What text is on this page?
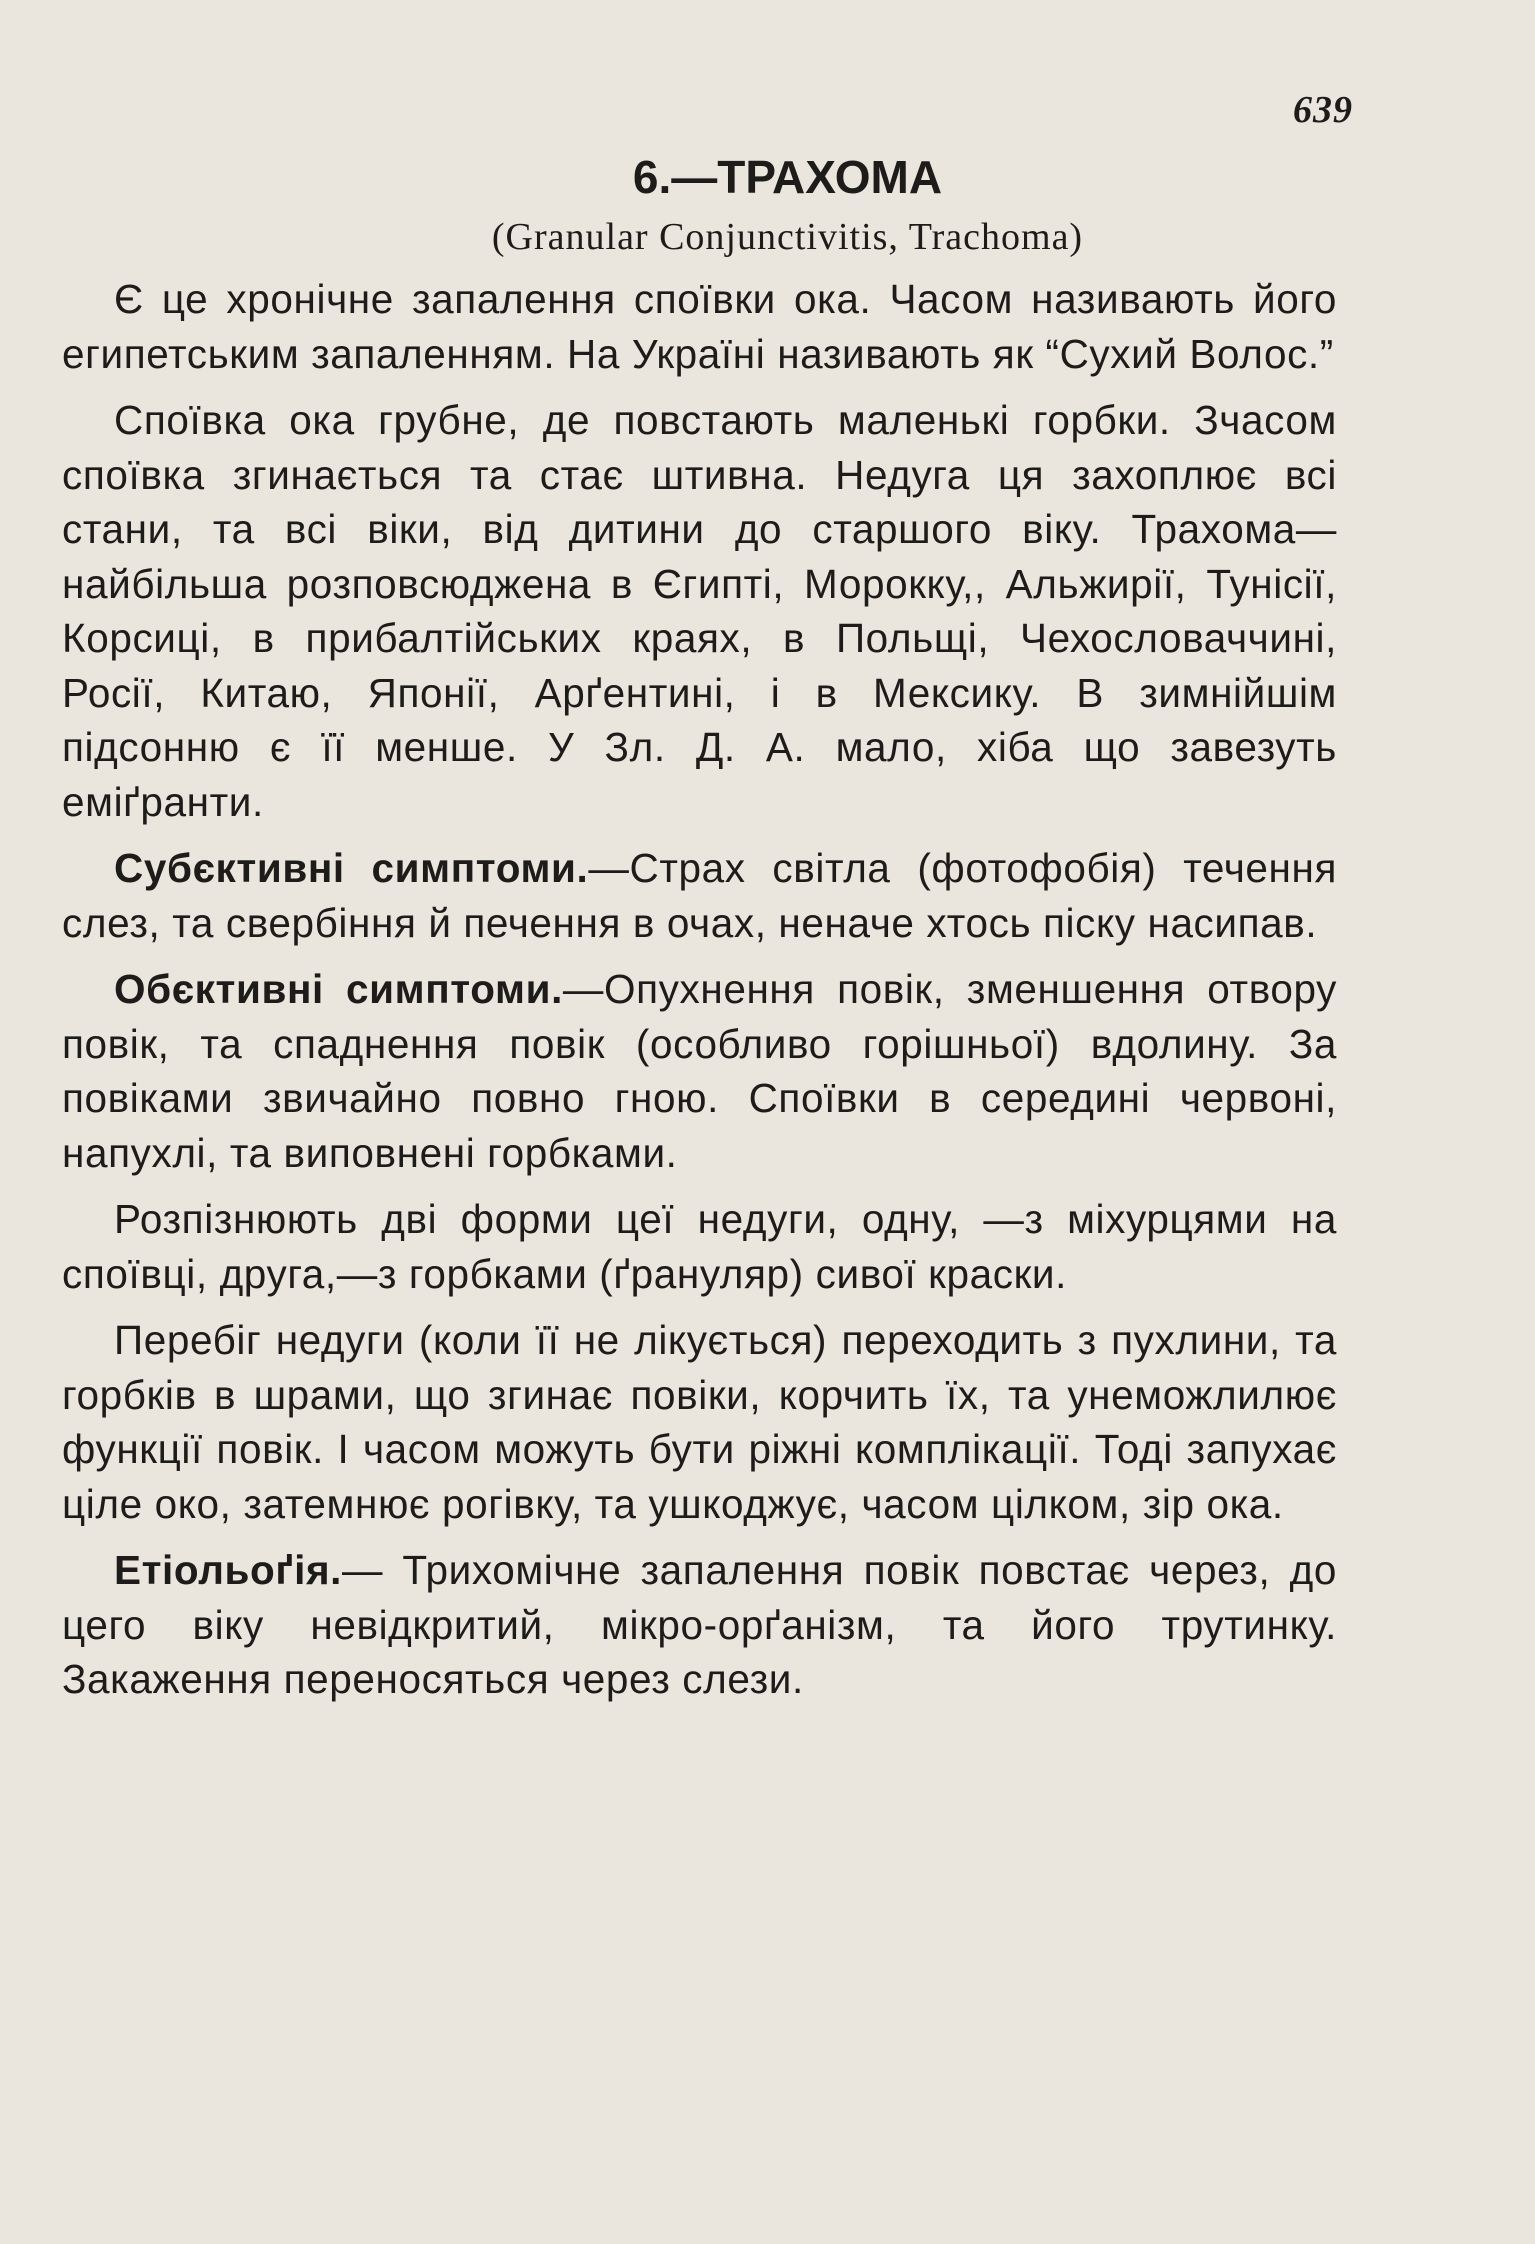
639
6.—ТРАХОМА
(Granular Conjunctivitis, Trachoma)

Є це хронічне запалення споївки ока. Часом називають його египетським запаленням. На Україні називають як “Сухий Волос.”

Споївка ока грубне, де повстають маленькі горбки. Зчасом споївка згинається та стає штивна. Недуга ця захоплює всі стани, та всі віки, від дитини до старшого віку. Трахома—найбільша розповсюджена в Єгипті, Морокку,, Альжирії, Тунісії, Корсиці, в прибалтійських краях, в Польщі, Чехословаччині, Росії, Китаю, Японії, Арґентині, і в Мексику. В зимнійшім підсонню є її менше. У Зл. Д. А. мало, хіба що завезуть еміґранти.

Субєктивні симптоми.—Страх світла (фотофобія) течення слез, та свербіння й печення в очах, неначе хтось піску насипав.

Обєктивні симптоми.—Опухнення повік, зменшення отвору повік, та спаднення повік (особливо горішньої) вдолину. За повіками звичайно повно гною. Споївки в середині червоні, напухлі, та виповнені горбками.

Розпізнюють дві форми цеї недуги, одну, —з міхурцями на споївці, друга,—з горбками (ґрануляр) сивої краски.

Перебіг недуги (коли її не лікується) переходить з пухлини, та горбків в шрами, що згинає повіки, корчить їх, та унеможлилює функції повік. І часом можуть бути ріжні комплікації. Тоді запухає ціле око, затемнює рогівку, та ушкоджує, часом цілком, зір ока.

Етіольоґія.— Трихомічне запалення повік повстає через, до цего віку невідкритий, мікро-орґанізм, та його трутинку. Закаження переносяться через слези.
